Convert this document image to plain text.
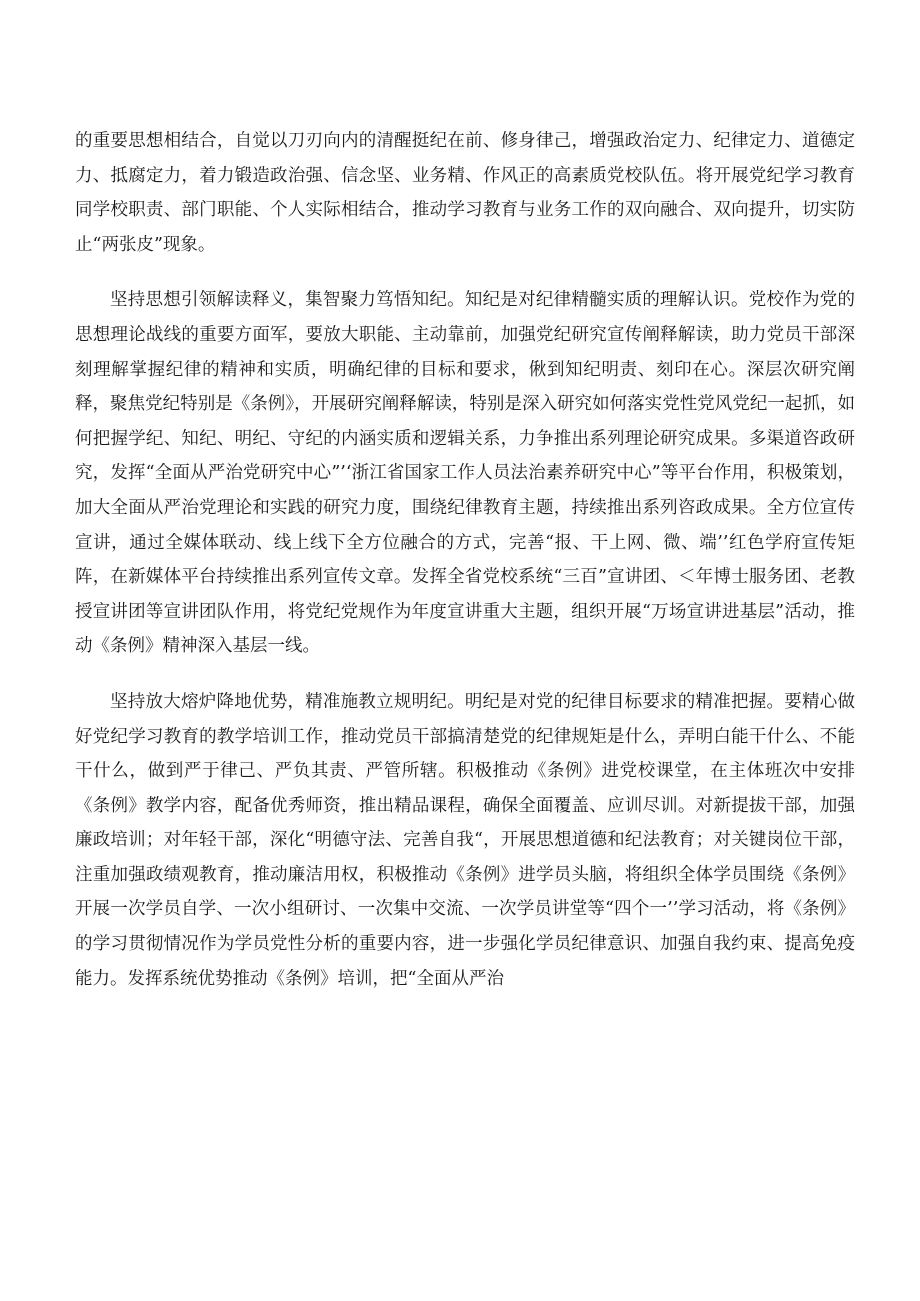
的重要思想相结合，自觉以刀刃向内的清醒挺纪在前、修身律己，增强政治定力、纪律定力、道德定力、抵腐定力，着力锻造政治强、信念坚、业务精、作风正的高素质党校队伍。将开展党纪学习教育同学校职责、部门职能、个人实际相结合，推动学习教育与业务工作的双向融合、双向提升，切实防止“两张皮”现象。

坚持思想引领解读释义，集智聚力笃悟知纪。知纪是对纪律精髓实质的理解认识。党校作为党的思想理论战线的重要方面军，要放大职能、主动靠前，加强党纪研究宣传阐释解读，助力党员干部深刻理解掌握纪律的精神和实质，明确纪律的目标和要求，偢到知纪明责、刻印在心。深层次研究阐释，聚焦党纪特别是《条例》，开展研究阐释解读，特别是深入研究如何落实党性党风党纪一起抓，如何把握学纪、知纪、明纪、守纪的内涵实质和逻辑关系，力争推出系列理论研究成果。多渠道咨政研究，发挥“全面从严治党研究中心”’‘浙江省国家工作人员法治素养研究中心”等平台作用，积极策划，加大全面从严治党理论和实践的研究力度，围绕纪律教育主题，持续推出系列咨政成果。全方位宣传宣讲，通过全媒体联动、线上线下全方位融合的方式，完善“报、干上网、微、端’’红色学府宣传矩阵，在新媒体平台持续推出系列宣传文章。发挥全省党校系统“三百”宣讲团、＜年博士服务团、老教授宣讲团等宣讲团队作用，将党纪党规作为年度宣讲重大主题，组织开展“万场宣讲进基层”活动，推动《条例》精神深入基层一线。

坚持放大熔炉降地优势，精准施教立规明纪。明纪是对党的纪律目标要求的精准把握。要精心做好党纪学习教育的教学培训工作，推动党员干部搞清楚党的纪律规矩是什么，弄明白能干什么、不能干什么，做到严于律己、严负其责、严管所辖。积极推动《条例》进党校课堂，在主体班次中安排《条例》教学内容，配备优秀师资，推出精品课程，确保全面覆盖、应训尽训。对新提拔干部，加强廉政培训；对年轻干部，深化“明德守法、完善自我“，开展思想道德和纪法教育；对关键岗位干部，注重加强政绩观教育，推动廉洁用权，积极推动《条例》进学员头脑，将组织全体学员围绕《条例》开展一次学员自学、一次小组研讨、一次集中交流、一次学员讲堂等“四个一’’学习活动，将《条例》的学习贯彻情况作为学员党性分析的重要内容，进一步强化学员纪律意识、加强自我约束、提高免疫能力。发挥系统优势推动《条例》培训，把“全面从严治
